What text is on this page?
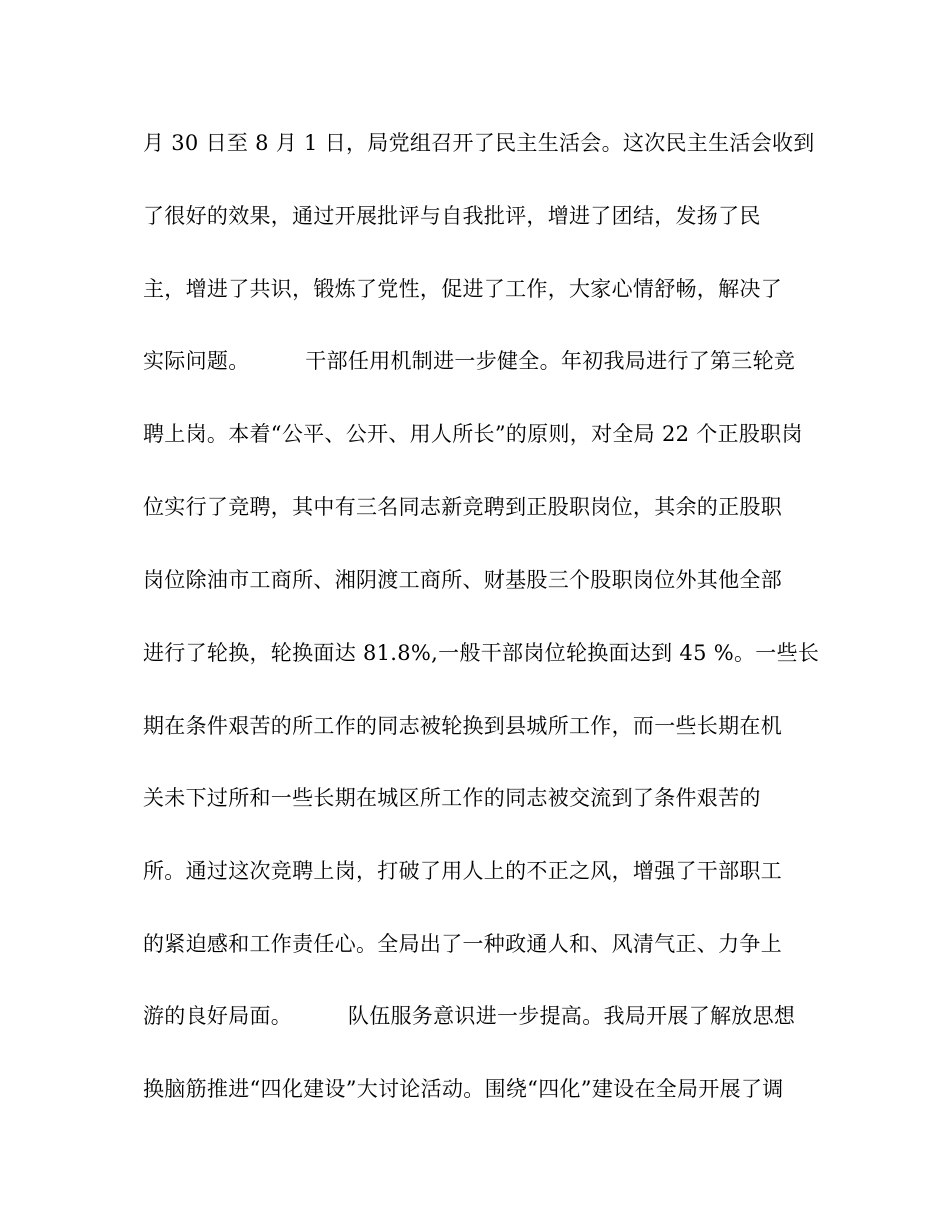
月 30 日至 8 月 1 日，局党组召开了民主生活会。这次民主生活会收到
了很好的效果，通过开展批评与自我批评，增进了团结，发扬了民
主，增进了共识，锻炼了党性，促进了工作，大家心情舒畅，解决了
实际问题。        干部任用机制进一步健全。年初我局进行了第三轮竞
聘上岗。本着“公平、公开、用人所长”的原则，对全局 22 个正股职岗
位实行了竞聘，其中有三名同志新竞聘到正股职岗位，其余的正股职
岗位除油市工商所、湘阴渡工商所、财基股三个股职岗位外其他全部
进行了轮换，轮换面达 81.8%,一般干部岗位轮换面达到 45 %。一些长
期在条件艰苦的所工作的同志被轮换到县城所工作，而一些长期在机
关未下过所和一些长期在城区所工作的同志被交流到了条件艰苦的
所。通过这次竞聘上岗，打破了用人上的不正之风，增强了干部职工
的紧迫感和工作责任心。全局出了一种政通人和、风清气正、力争上
游的良好局面。        队伍服务意识进一步提高。我局开展了解放思想
换脑筋推进“四化建设”大讨论活动。围绕“四化”建设在全局开展了调
